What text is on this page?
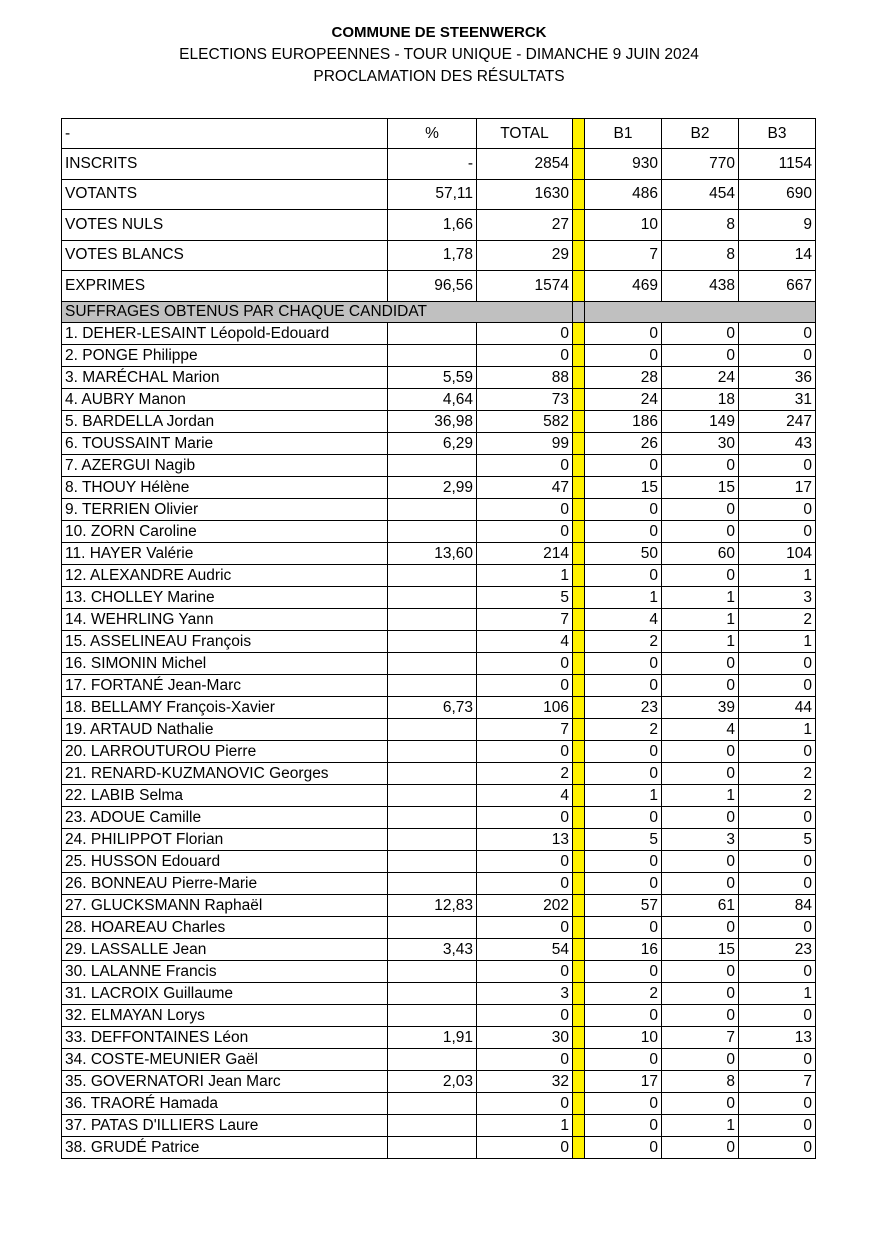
COMMUNE DE STEENWERCK
ELECTIONS EUROPEENNES - TOUR UNIQUE - DIMANCHE 9 JUIN 2024
PROCLAMATION DES RÉSULTATS
-	%	TOTAL		B1	B2	B3
INSCRITS	-	2854		930	770	1154
VOTANTS	57,11	1630		486	454	690
VOTES NULS	1,66	27		10	8	9
VOTES BLANCS	1,78	29		7	8	14
EXPRIMES	96,56	1574		469	438	667
SUFFRAGES OBTENUS PAR CHAQUE CANDIDAT						
1. DEHER-LESAINT Léopold-Edouard		0		0	0	0
2. PONGE Philippe		0		0	0	0
3. MARÉCHAL Marion	5,59	88		28	24	36
4. AUBRY Manon	4,64	73		24	18	31
5. BARDELLA Jordan	36,98	582		186	149	247
6. TOUSSAINT Marie	6,29	99		26	30	43
7. AZERGUI Nagib		0		0	0	0
8. THOUY Hélène	2,99	47		15	15	17
9. TERRIEN Olivier		0		0	0	0
10. ZORN Caroline		0		0	0	0
11. HAYER Valérie	13,60	214		50	60	104
12. ALEXANDRE Audric		1		0	0	1
13. CHOLLEY Marine		5		1	1	3
14. WEHRLING Yann		7		4	1	2
15. ASSELINEAU François		4		2	1	1
16. SIMONIN Michel		0		0	0	0
17. FORTANÉ Jean-Marc		0		0	0	0
18. BELLAMY François-Xavier	6,73	106		23	39	44
19. ARTAUD Nathalie		7		2	4	1
20. LARROUTUROU Pierre		0		0	0	0
21. RENARD-KUZMANOVIC Georges		2		0	0	2
22. LABIB Selma		4		1	1	2
23. ADOUE Camille		0		0	0	0
24. PHILIPPOT Florian		13		5	3	5
25. HUSSON Edouard		0		0	0	0
26. BONNEAU Pierre-Marie		0		0	0	0
27. GLUCKSMANN Raphaël	12,83	202		57	61	84
28. HOAREAU Charles		0		0	0	0
29. LASSALLE Jean	3,43	54		16	15	23
30. LALANNE Francis		0		0	0	0
31. LACROIX Guillaume		3		2	0	1
32. ELMAYAN Lorys		0		0	0	0
33. DEFFONTAINES Léon	1,91	30		10	7	13
34. COSTE-MEUNIER Gaël		0		0	0	0
35. GOVERNATORI Jean Marc	2,03	32		17	8	7
36. TRAORÉ Hamada		0		0	0	0
37. PATAS D'ILLIERS Laure		1		0	1	0
38. GRUDÉ Patrice		0		0	0	0
